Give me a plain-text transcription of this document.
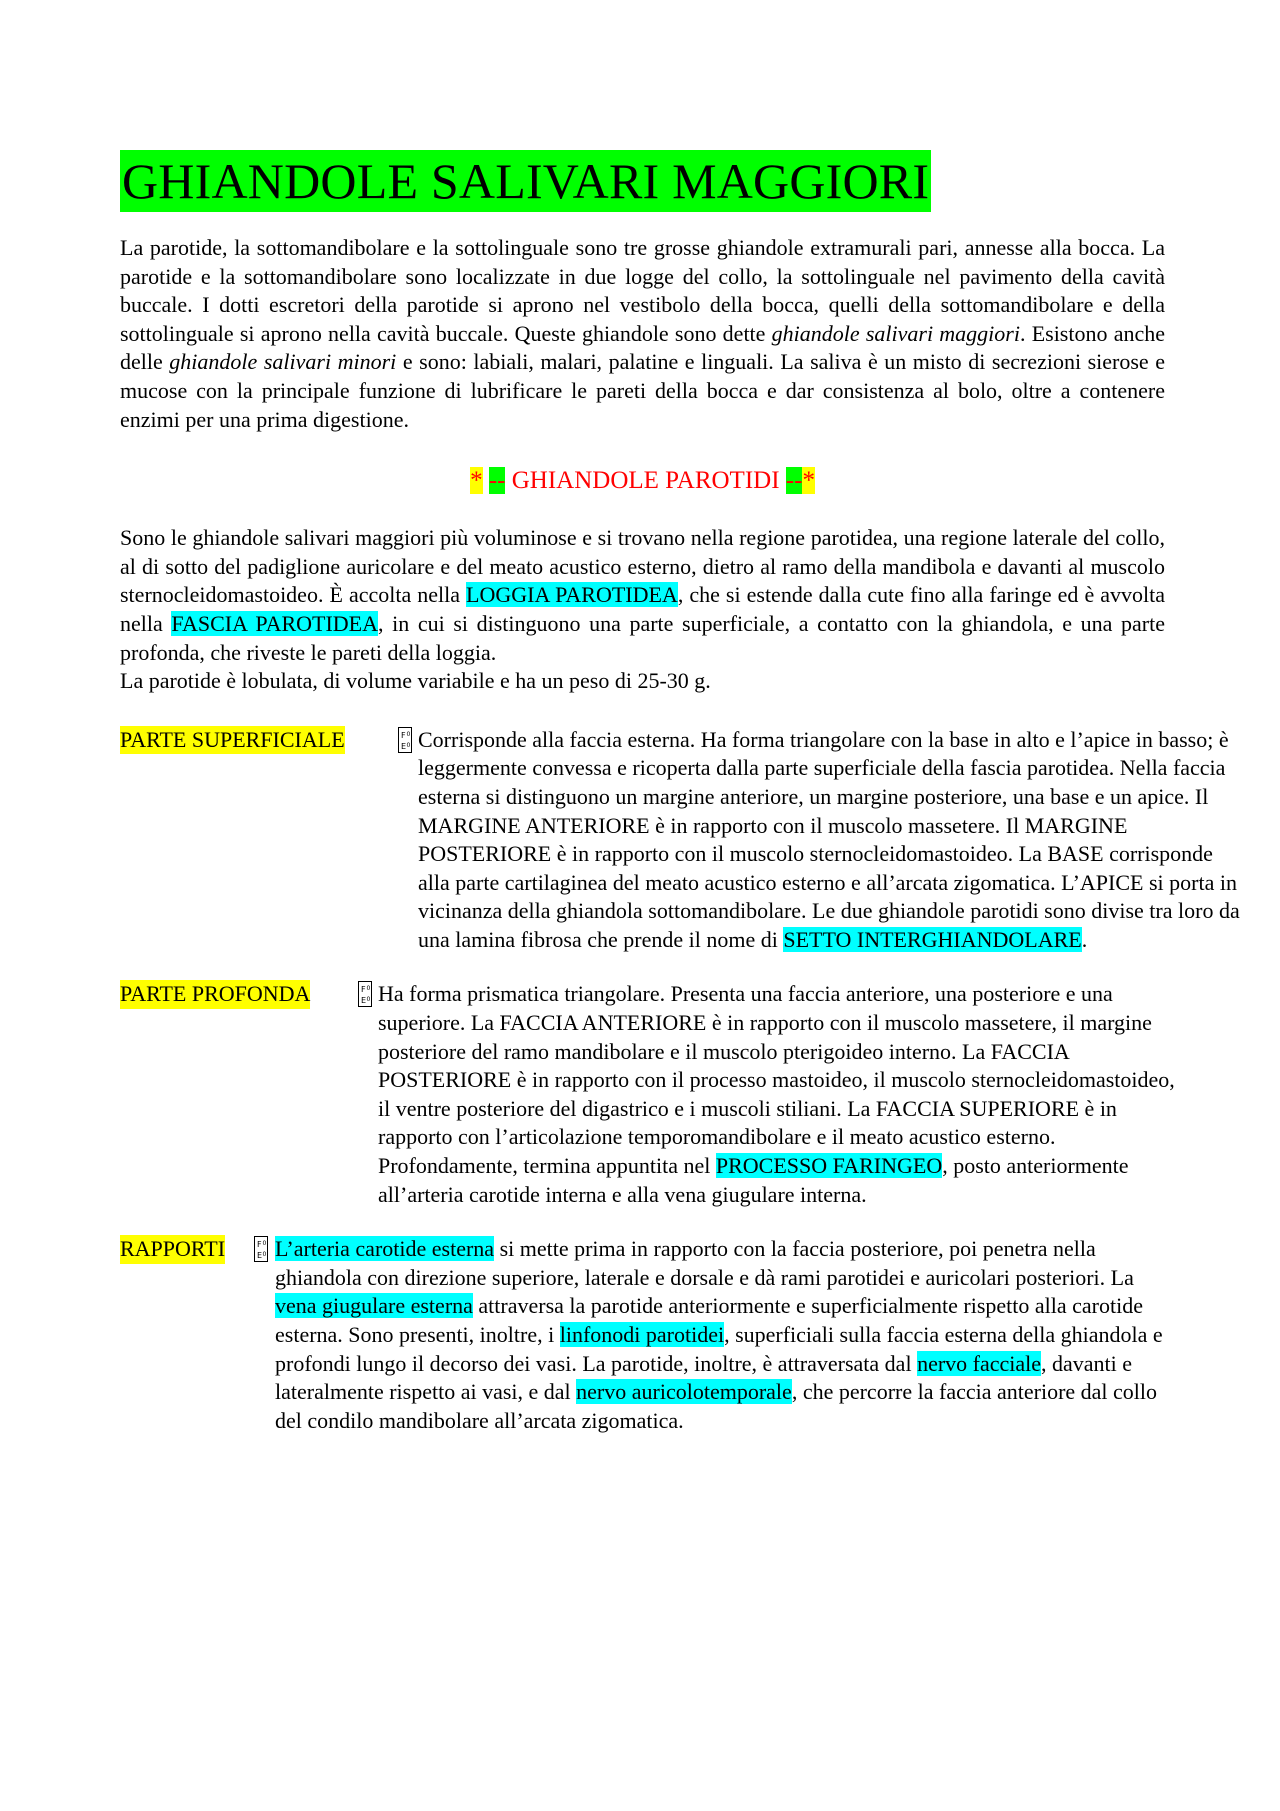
GHIANDOLE SALIVARI MAGGIORI

La parotide, la sottomandibolare e la sottolinguale sono tre grosse ghiandole extramurali pari, annesse alla bocca. La parotide e la sottomandibolare sono localizzate in due logge del collo, la sottolinguale nel pavimento della cavità buccale. I dotti escretori della parotide si aprono nel vestibolo della bocca, quelli della sottomandibolare e della sottolinguale si aprono nella cavità buccale. Queste ghiandole sono dette ghiandole salivari maggiori. Esistono anche delle ghiandole salivari minori e sono: labiali, malari, palatine e linguali. La saliva è un misto di secrezioni sierose e mucose con la principale funzione di lubrificare le pareti della bocca e dar consistenza al bolo, oltre a contenere enzimi per una prima digestione.

* -- GHIANDOLE PAROTIDI --*

Sono le ghiandole salivari maggiori più voluminose e si trovano nella regione parotidea, una regione laterale del collo, al di sotto del padiglione auricolare e del meato acustico esterno, dietro al ramo della mandibola e davanti al muscolo sternocleidomastoideo. È accolta nella LOGGIA PAROTIDEA, che si estende dalla cute fino alla faringe ed è avvolta nella FASCIA PAROTIDEA, in cui si distinguono una parte superficiale, a contatto con la ghiandola, e una parte profonda, che riveste le pareti della loggia.

La parotide è lobulata, di volume variabile e ha un peso di 25-30 g.

PARTE SUPERFICIALE	F 0
E 0 Corrisponde alla faccia esterna. Ha forma triangolare con la base in alto e l’apice in basso; è leggermente convessa e ricoperta dalla parte superficiale della fascia parotidea. Nella faccia esterna si distinguono un margine anteriore, un margine posteriore, una base e un apice. Il MARGINE ANTERIORE è in rapporto con il muscolo massetere. Il MARGINE POSTERIORE è in rapporto con il muscolo sternocleidomastoideo. La BASE corrisponde alla parte cartilaginea del meato acustico esterno e all’arcata zigomatica. L’APICE si porta in vicinanza della ghiandola sottomandibolare. Le due ghiandole parotidi sono divise tra loro da una lamina fibrosa che prende il nome di SETTO INTERGHIANDOLARE.
PARTE PROFONDA	F 0
E 0 Ha forma prismatica triangolare. Presenta una faccia anteriore, una posteriore e una superiore. La FACCIA ANTERIORE è in rapporto con il muscolo massetere, il margine posteriore del ramo mandibolare e il muscolo pterigoideo interno. La FACCIA POSTERIORE è in rapporto con il processo mastoideo, il muscolo sternocleidomastoideo, il ventre posteriore del digastrico e i muscoli stiliani. La FACCIA SUPERIORE è in rapporto con l’articolazione temporomandibolare e il meato acustico esterno. Profondamente, termina appuntita nel PROCESSO FARINGEO, posto anteriormente all’arteria carotide interna e alla vena giugulare interna.
RAPPORTI	F 0
E 0 L’arteria carotide esterna si mette prima in rapporto con la faccia posteriore, poi penetra nella ghiandola con direzione superiore, laterale e dorsale e dà rami parotidei e auricolari posteriori. La vena giugulare esterna attraversa la parotide anteriormente e superficialmente rispetto alla carotide esterna. Sono presenti, inoltre, i linfonodi parotidei, superficiali sulla faccia esterna della ghiandola e profondi lungo il decorso dei vasi. La parotide, inoltre, è attraversata dal nervo facciale, davanti e lateralmente rispetto ai vasi, e dal nervo auricolotemporale, che percorre la faccia anteriore dal collo del condilo mandibolare all’arcata zigomatica.
